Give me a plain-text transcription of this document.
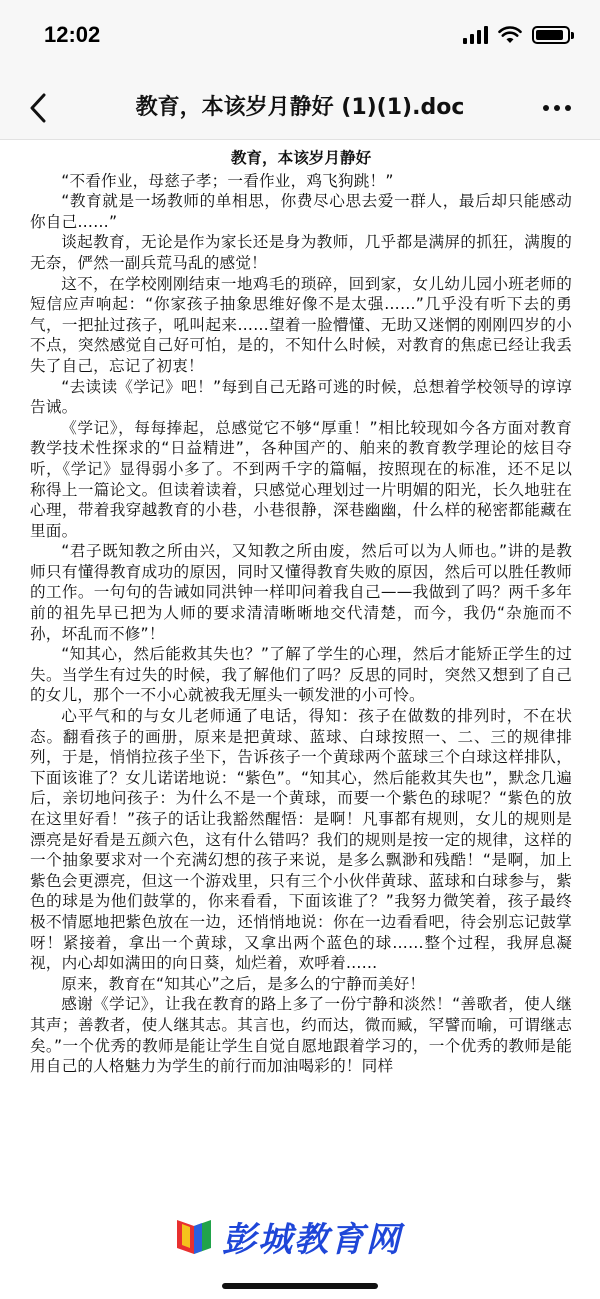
12:02
教育，本该岁月静好 (1)(1).doc
教育，本该岁月静好

“不看作业，母慈子孝；一看作业，鸡飞狗跳！”

“教育就是一场教师的单相思，你费尽心思去爱一群人，最后却只能感动你自己……”

谈起教育，无论是作为家长还是身为教师，几乎都是满屏的抓狂，满腹的无奈，俨然一副兵荒马乱的感觉！

这不，在学校刚刚结束一地鸡毛的琐碎，回到家，女儿幼儿园小班老师的短信应声响起：“你家孩子抽象思维好像不是太强……”几乎没有听下去的勇气，一把扯过孩子，吼叫起来……望着一脸懵懂、无助又迷惘的刚刚四岁的小不点，突然感觉自己好可怕，是的，不知什么时候，对教育的焦虑已经让我丢失了自己，忘记了初衷！

“去读读《学记》吧！”每到自己无路可逃的时候，总想着学校领导的谆谆告诫。

《学记》，每每捧起，总感觉它不够“厚重！”相比较现如今各方面对教育教学技术性探求的“日益精进”，各种国产的、舶来的教育教学理论的炫目夺听，《学记》显得弱小多了。不到两千字的篇幅，按照现在的标准，还不足以称得上一篇论文。但读着读着，只感觉心理划过一片明媚的阳光，长久地驻在心理，带着我穿越教育的小巷，小巷很静，深巷幽幽，什么样的秘密都能藏在里面。

“君子既知教之所由兴，又知教之所由废，然后可以为人师也。”讲的是教师只有懂得教育成功的原因，同时又懂得教育失败的原因，然后可以胜任教师的工作。一句句的告诫如同洪钟一样叩问着我自己——我做到了吗？两千多年前的祖先早已把为人师的要求清清晰晰地交代清楚，而今，我仍“杂施而不孙，坏乱而不修”！

“知其心，然后能救其失也？”了解了学生的心理，然后才能矫正学生的过失。当学生有过失的时候，我了解他们了吗？反思的同时，突然又想到了自己的女儿，那个一不小心就被我无厘头一顿发泄的小可怜。

心平气和的与女儿老师通了电话，得知：孩子在做数的排列时，不在状态。翻看孩子的画册，原来是把黄球、蓝球、白球按照一、二、三的规律排列，于是，悄悄拉孩子坐下，告诉孩子一个黄球两个蓝球三个白球这样排队，下面该谁了？女儿诺诺地说：“紫色”。“知其心，然后能救其失也”，默念几遍后，亲切地问孩子：为什么不是一个黄球，而要一个紫色的球呢？“紫色的放在这里好看！”孩子的话让我豁然醒悟：是啊！凡事都有规则，女儿的规则是漂亮是好看是五颜六色，这有什么错吗？我们的规则是按一定的规律，这样的一个抽象要求对一个充满幻想的孩子来说，是多么飘渺和残酷！“是啊，加上紫色会更漂亮，但这一个游戏里，只有三个小伙伴黄球、蓝球和白球参与，紫色的球是为他们鼓掌的，你来看看，下面该谁了？”我努力微笑着，孩子最终极不情愿地把紫色放在一边，还悄悄地说：你在一边看看吧，待会别忘记鼓掌呀！紧接着，拿出一个黄球，又拿出两个蓝色的球……整个过程，我屏息凝视，内心却如满田的向日葵，灿烂着，欢呼着……

原来，教育在“知其心”之后，是多么的宁静而美好！

感谢《学记》，让我在教育的路上多了一份宁静和淡然！“善歌者，使人继其声；善教者，使人继其志。其言也，约而达，微而臧，罕譬而喻，可谓继志矣。”一个优秀的教师是能让学生自觉自愿地跟着学习的，一个优秀的教师是能用自己的人格魅力为学生的前行而加油喝彩的！同样

彭城教育网
